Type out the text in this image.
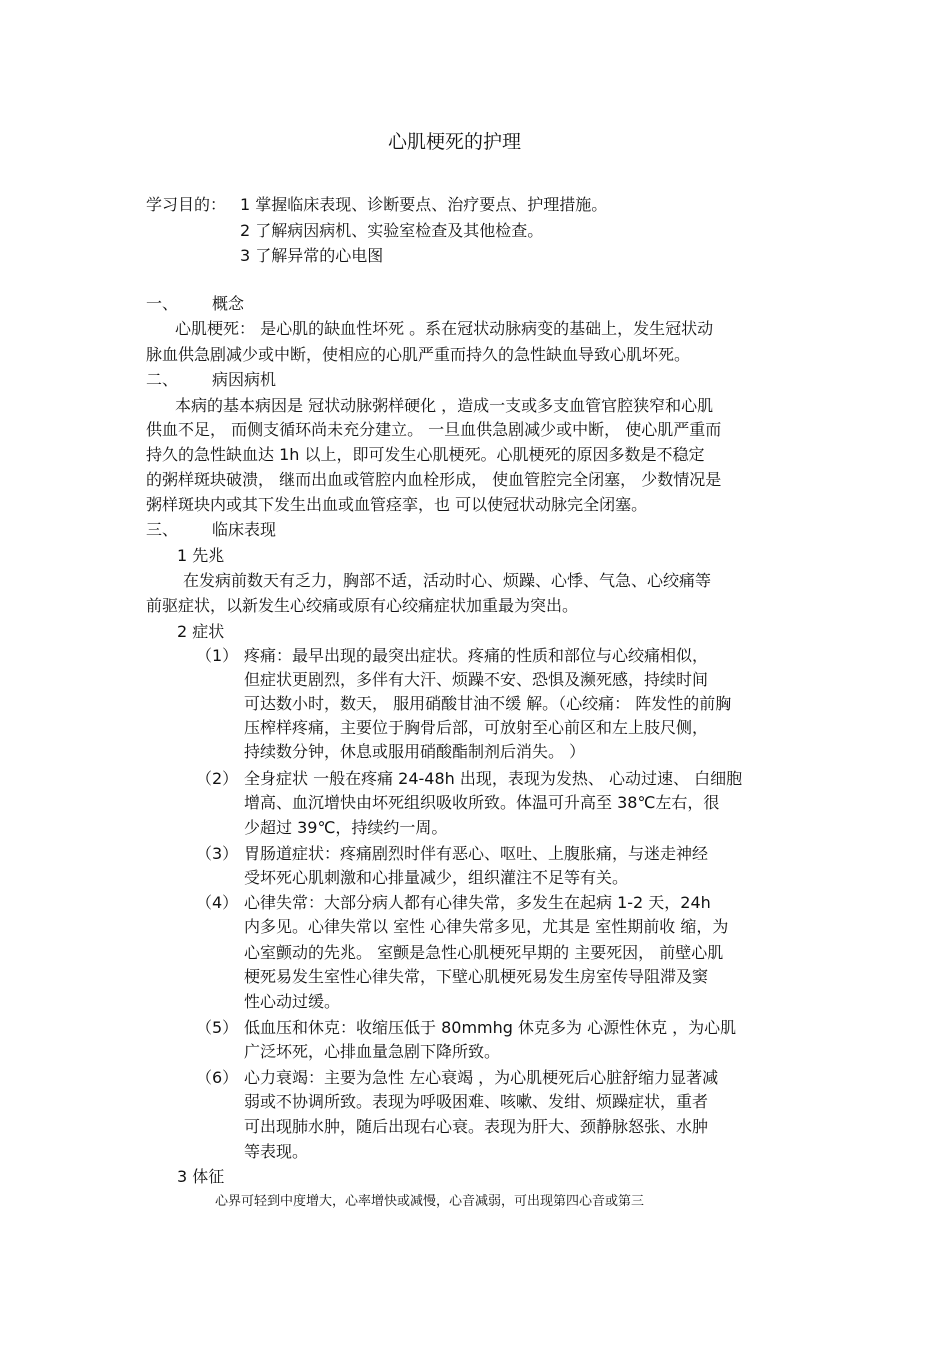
心肌梗死的护理
学习目的： 1 掌握临床表现、诊断要点、治疗要点、护理措施。
2 了解病因病机、实验室检查及其他检查。
3 了解异常的心电图
一、 概念
心肌梗死： 是心肌的缺血性坏死 。系在冠状动脉病变的基础上，发生冠状动
脉血供急剧减少或中断，使相应的心肌严重而持久的急性缺血导致心肌坏死。
二、 病因病机
本病的基本病因是 冠状动脉粥样硬化 ，造成一支或多支血管官腔狭窄和心肌
供血不足， 而侧支循环尚未充分建立。 一旦血供急剧减少或中断， 使心肌严重而
持久的急性缺血达 1h 以上，即可发生心肌梗死。心肌梗死的原因多数是不稳定
的粥样斑块破溃， 继而出血或管腔内血栓形成， 使血管腔完全闭塞， 少数情况是
粥样斑块内或其下发生出血或血管痉挛，也 可以使冠状动脉完全闭塞。
三、 临床表现
1 先兆
在发病前数天有乏力，胸部不适，活动时心、烦躁、心悸、气急、心绞痛等
前驱症状，以新发生心绞痛或原有心绞痛症状加重最为突出。
2 症状
（1） 疼痛：最早出现的最突出症状。疼痛的性质和部位与心绞痛相似，
但症状更剧烈，多伴有大汗、烦躁不安、恐惧及濒死感，持续时间
可达数小时，数天， 服用硝酸甘油不缓 解。（心绞痛： 阵发性的前胸
压榨样疼痛，主要位于胸骨后部，可放射至心前区和左上肢尺侧，
持续数分钟，休息或服用硝酸酯制剂后消失。 ）
（2） 全身症状 一般在疼痛 24-48h 出现，表现为发热、 心动过速、 白细胞
增高、血沉增快由坏死组织吸收所致。体温可升高至 38℃左右，很
少超过 39℃，持续约一周。
（3） 胃肠道症状：疼痛剧烈时伴有恶心、呕吐、上腹胀痛，与迷走神经
受坏死心肌刺激和心排量减少，组织灌注不足等有关。
（4） 心律失常：大部分病人都有心律失常，多发生在起病 1-2 天，24h
内多见。心律失常以 室性 心律失常多见，尤其是 室性期前收 缩，为
心室颤动的先兆。 室颤是急性心肌梗死早期的 主要死因， 前壁心肌
梗死易发生室性心律失常，下壁心肌梗死易发生房室传导阻滞及窦
性心动过缓。
（5） 低血压和休克：收缩压低于 80mmhg 休克多为 心源性休克 ，为心肌
广泛坏死，心排血量急剧下降所致。
（6） 心力衰竭：主要为急性 左心衰竭 ，为心肌梗死后心脏舒缩力显著减
弱或不协调所致。表现为呼吸困难、咳嗽、发绀、烦躁症状，重者
可出现肺水肿，随后出现右心衰。表现为肝大、颈静脉怒张、水肿
等表现。
3 体征
心界可轻到中度增大，心率增快或减慢，心音减弱，可出现第四心音或第三
